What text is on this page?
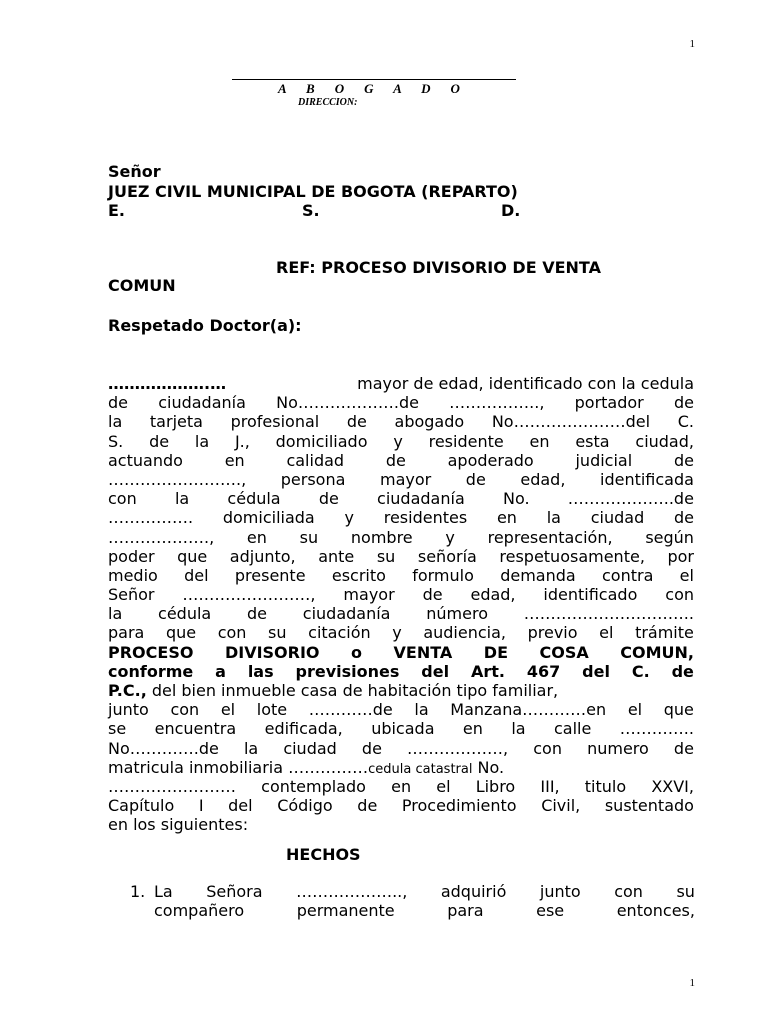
1
A B O G A D O
DIRECCION:
Señor
JUEZ CIVIL MUNICIPAL DE BOGOTA (REPARTO)
E.	S.	D.
REF: PROCESO DIVISORIO DE VENTA
COMUN
Respetado Doctor(a):
……………….…	mayor de edad, identificado con la cedula
de ciudadanía No……………….de …………….., portador de
la tarjeta profesional de abogado No…………………del C.
S. de la J., domiciliado y residente en esta ciudad,
actuando	en	calidad	de	apoderado	judicial	de
……………………., persona mayor de edad, identificada
con la cédula de ciudadanía No. ………………..de
……………. domiciliada y residentes en la ciudad de
………………., en su nombre y representación, según
poder que adjunto, ante su señoría respetuosamente, por
medio del presente escrito formulo demanda contra el
Señor ……………………, mayor de edad, identificado con
la cédula de ciudadanía número …………………………..
para que con su citación y audiencia, previo el trámite
PROCESO DIVISORIO o VENTA DE COSA COMUN,
conforme a las previsiones del Art. 467 del C. de
P.C., del bien inmueble casa de habitación tipo familiar,
junto con el lote …………de la Manzana…………en el que
se encuentra edificada, ubicada en la calle …………..
No………….de la ciudad de ………………, con numero de
matricula inmobiliaria ……………cedula catastral No.
…………………… contemplado en el Libro III, titulo XXVI,
Capítulo I del Código de Procedimiento Civil, sustentado
en los siguientes:
HECHOS
1. La Señora ……………….., adquirió junto con su
compañero	permanente	para	ese	entonces,
1
